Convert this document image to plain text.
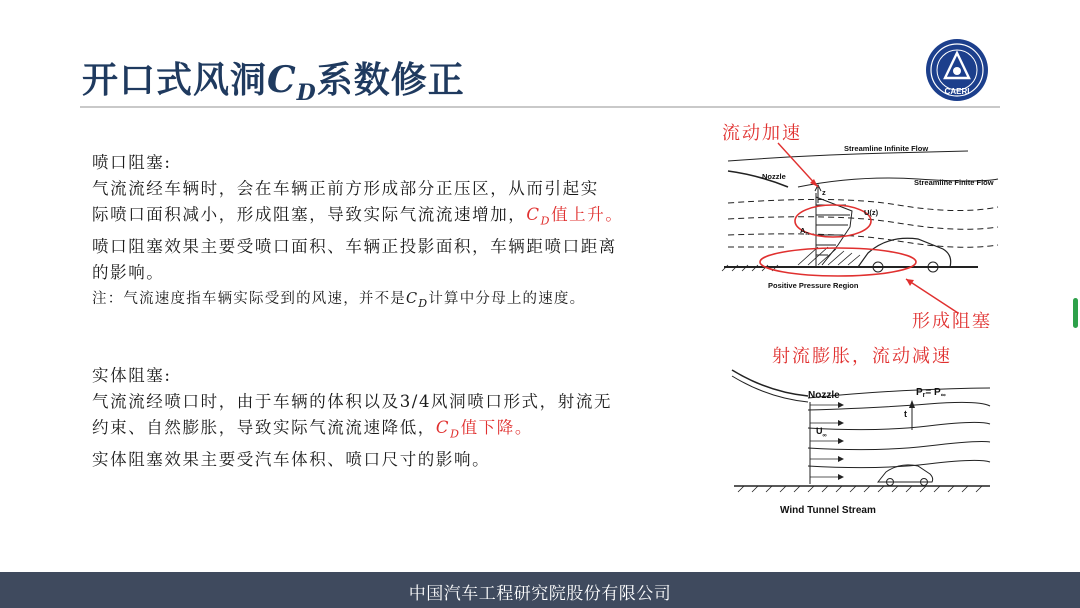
开口式风洞$C_D$系数修正	CAERI
喷口阻塞:
气流流经车辆时，会在车辆正前方形成部分正压区，从而引起实
际喷口面积减小，形成阻塞，导致实际气流流速增加，$C_D$值上升。
喷口阻塞效果主要受喷口面积、车辆正投影面积，车辆距喷口距离
的影响。
注：气流速度指车辆实际受到的风速，并不是$C_D$计算中分母上的速度。
实体阻塞:
气流流经喷口时，由于车辆的体积以及3/4风洞喷口形式，射流无
约束、自然膨胀，导致实际气流流速降低，$C_D$值下降。
实体阻塞效果主要受汽车体积、喷口尺寸的影响。
流动加速
形成阻塞
射流膨胀，流动减速
Streamline Infinite Flow
Streamline Finite Flow
Nozzle
z
U(z)
$A_n$
Positive Pressure Region
Nozzle	$P_r= P_\infty$
t
$U_\infty$
Wind Tunnel Stream
中国汽车工程研究院股份有限公司
